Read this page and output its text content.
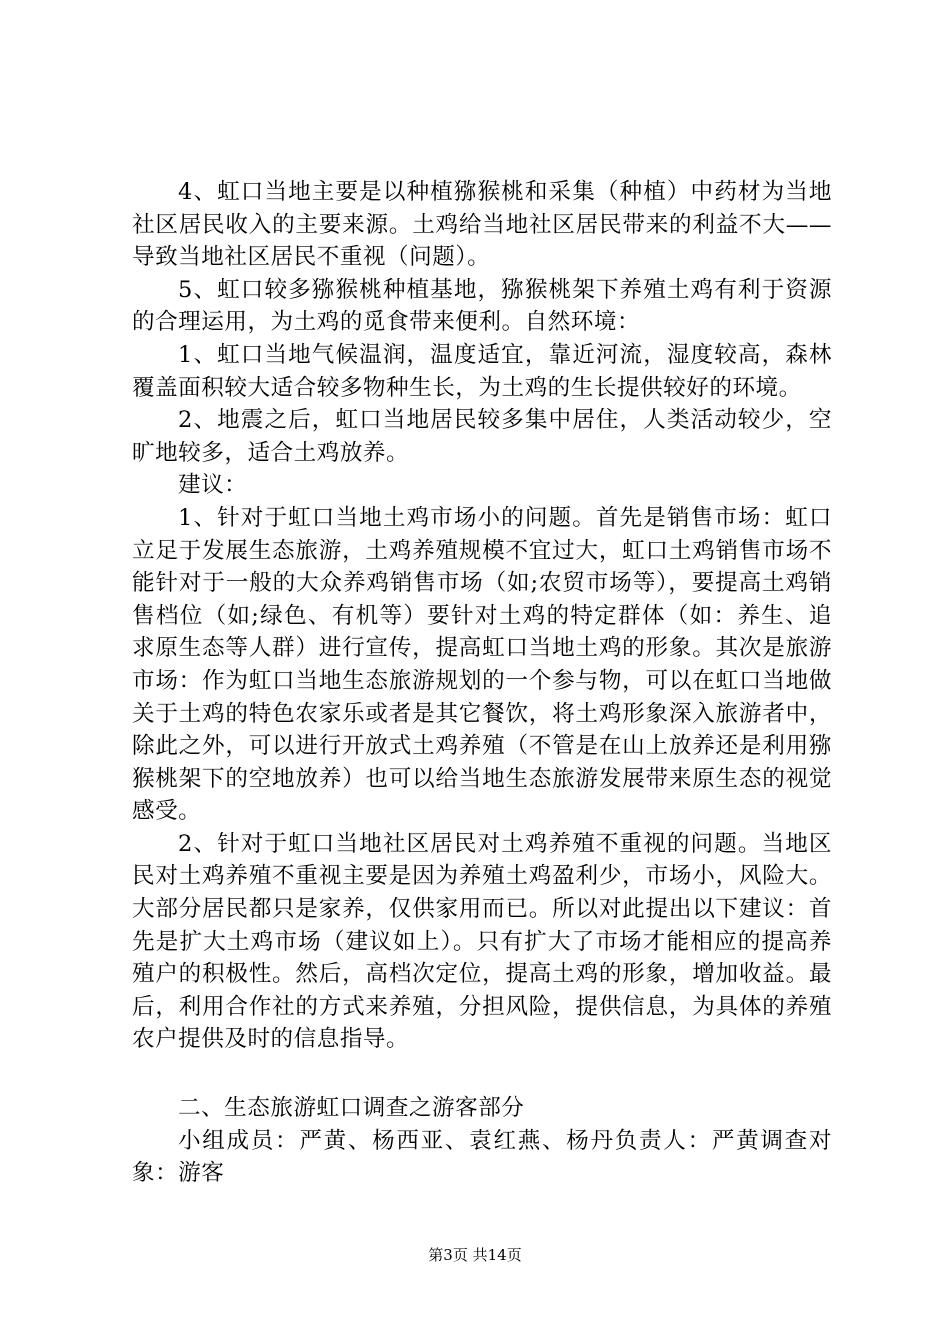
4、虹口当地主要是以种植猕猴桃和采集（种植）中药材为当地社区居民收入的主要来源。土鸡给当地社区居民带来的利益不大——导致当地社区居民不重视（问题）。

5、虹口较多猕猴桃种植基地，猕猴桃架下养殖土鸡有利于资源的合理运用，为土鸡的觅食带来便利。自然环境：

1、虹口当地气候温润，温度适宜，靠近河流，湿度较高，森林覆盖面积较大适合较多物种生长，为土鸡的生长提供较好的环境。

2、地震之后，虹口当地居民较多集中居住，人类活动较少，空旷地较多，适合土鸡放养。

建议：

1、针对于虹口当地土鸡市场小的问题。首先是销售市场：虹口立足于发展生态旅游，土鸡养殖规模不宜过大，虹口土鸡销售市场不能针对于一般的大众养鸡销售市场（如;农贸市场等），要提高土鸡销售档位（如;绿色、有机等）要针对土鸡的特定群体（如：养生、追求原生态等人群）进行宣传，提高虹口当地土鸡的形象。其次是旅游市场：作为虹口当地生态旅游规划的一个参与物，可以在虹口当地做关于土鸡的特色农家乐或者是其它餐饮，将土鸡形象深入旅游者中，除此之外，可以进行开放式土鸡养殖（不管是在山上放养还是利用猕猴桃架下的空地放养）也可以给当地生态旅游发展带来原生态的视觉感受。

2、针对于虹口当地社区居民对土鸡养殖不重视的问题。当地区民对土鸡养殖不重视主要是因为养殖土鸡盈利少，市场小，风险大。大部分居民都只是家养，仅供家用而已。所以对此提出以下建议：首先是扩大土鸡市场（建议如上）。只有扩大了市场才能相应的提高养殖户的积极性。然后，高档次定位，提高土鸡的形象，增加收益。最后，利用合作社的方式来养殖，分担风险，提供信息，为具体的养殖农户提供及时的信息指导。

二、生态旅游虹口调查之游客部分

小组成员：严黄、杨西亚、袁红燕、杨丹负责人：严黄调查对象：游客

第3页 共14页
